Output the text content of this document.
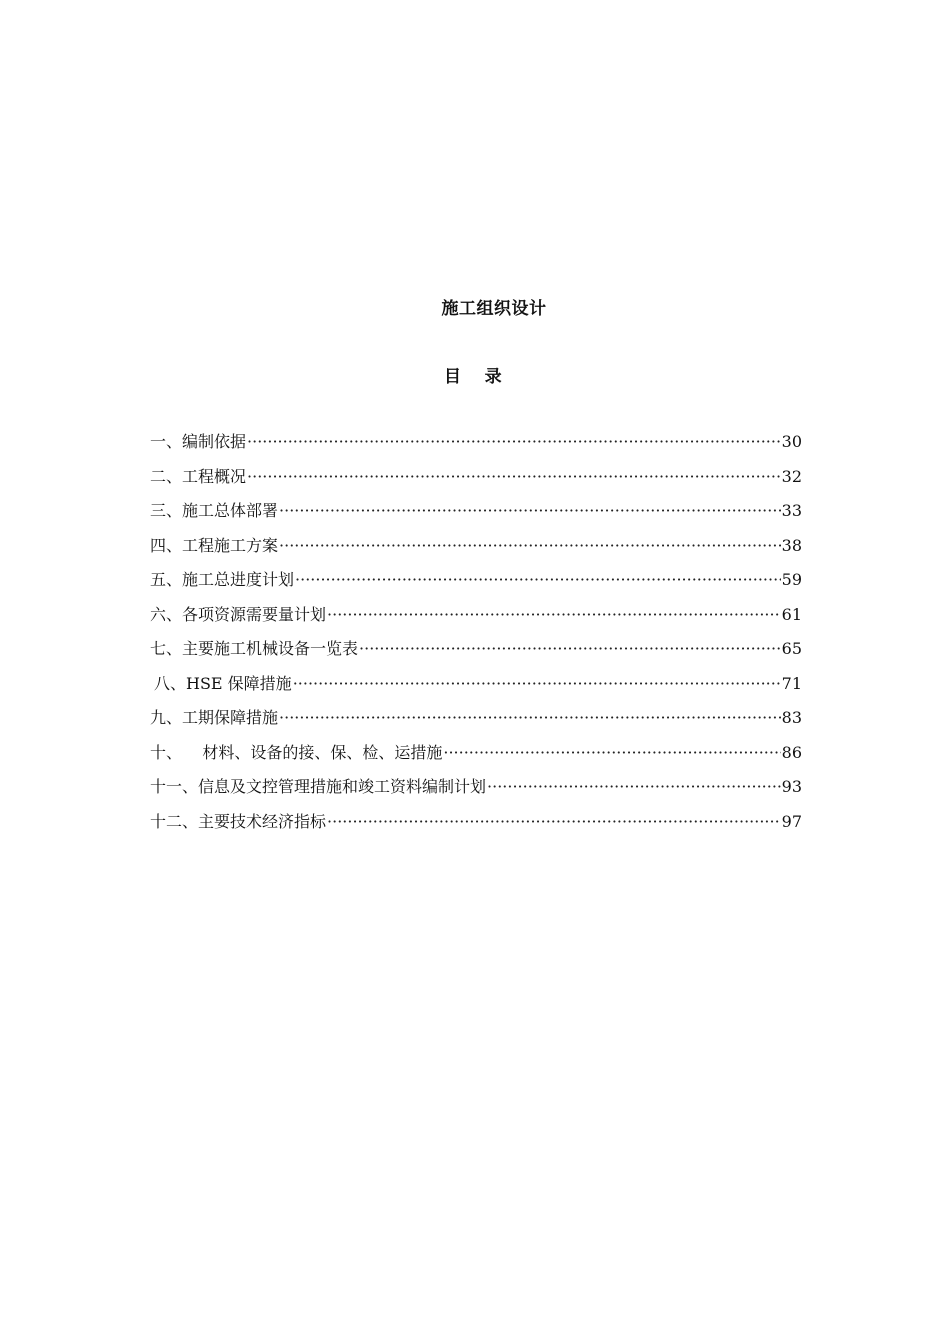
施工组织设计
目    录
一、编制依据 ·····	30
二、工程概况 ·····	32
三、施工总体部署 ·····	33
四、工程施工方案 ·····	38
五、施工总进度计划 ·····	59
六、各项资源需要量计划 ·····	61
七、主要施工机械设备一览表 ·····	65
八、HSE 保障措施 ·····	71
九、工期保障措施 ·····	83
十、    材料、设备的接、保、检、运措施 ·····	86
十一、信息及文控管理措施和竣工资料编制计划 ·····	93
十二、主要技术经济指标 ·····	97
